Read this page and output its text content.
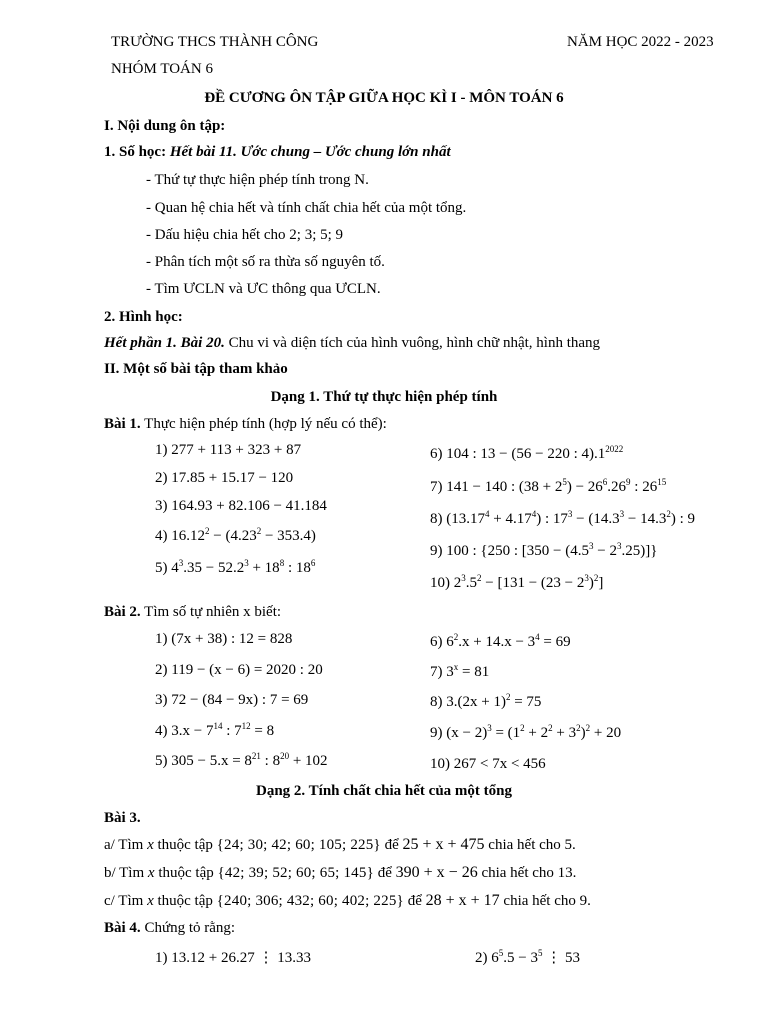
TRƯỜNG THCS THÀNH CÔNG	NĂM HỌC 2022 - 2023
NHÓM TOÁN 6
ĐỀ CƯƠNG ÔN TẬP GIỮA HỌC KÌ I - MÔN TOÁN 6
I. Nội dung ôn tập:
1. Số học: Hết bài 11. Ước chung – Ước chung lớn nhất
- Thứ tự thực hiện phép tính trong N.
- Quan hệ chia hết và tính chất chia hết của một tổng.
- Dấu hiệu chia hết cho 2; 3; 5; 9
- Phân tích một số ra thừa số nguyên tố.
- Tìm ƯCLN và ƯC thông qua ƯCLN.
2. Hình học:
Hết phần 1. Bài 20. Chu vi và diện tích của hình vuông, hình chữ nhật, hình thang
II. Một số bài tập tham khảo
Dạng 1. Thứ tự thực hiện phép tính
Bài 1. Thực hiện phép tính (hợp lý nếu có thể):
1) 277 + 113 + 323 + 87
2) 17.85 + 15.17 − 120
3) 164.93 + 82.106 − 41.184
4) $16.12^2 - (4.23^2 - 353.4)$
5) $4^3.35 - 52.2^3 + 18^8$ : $18^6$
6) 104 : 13 − (56 − 220 : $4).1^{2022}$
7) 141 − 140 : $(38 + 2^5) - 26^6.26^9$ : $26^{15}$
8) $(13.17^4 + 4.17^4)$ : $17^3 - (14.3^3 - 14.3^2)$ : 9
9) 100 : {250 : $[350 - (4.5^3 - 2^3.25)]$}
10) $2^3.5^2 - [131 - (23 - 2^3)^2]$
Bài 2. Tìm số tự nhiên x biết:
1) (7x + 38) : 12 = 828
2) 119 − (x − 6) = 2020 : 20
3) 72 − (84 − 9x) : 7 = 69
4) $3.x - 7^{14}$ : $7^{12} = 8$
5) $305 - 5.x = 8^{21}$ : $8^{20} + 102$
6) $6^2.x + 14.x - 3^4 = 69$
7) $3^x = 81$
8) $3.(2x + 1)^2 = 75$
9) $(x - 2)^3 = (1^2 + 2^2 + 3^2)^2 + 20$
10) 267 < 7x < 456
Dạng 2. Tính chất chia hết của một tổng
Bài 3.
a/ Tìm x thuộc tập {24; 30; 42; 60; 105; 225} để 25 + x + 475 chia hết cho 5.
b/ Tìm x thuộc tập {42; 39; 52; 60; 65; 145} để 390 + x − 26 chia hết cho 13.
c/ Tìm x thuộc tập {240; 306; 432; 60; 402; 225} để 28 + x + 17 chia hết cho 9.
Bài 4. Chứng tỏ rằng:
1) 13.12 + 26.27 ⋮ 13.33	2) $6^5.5 - 3^5$ ⋮ 53
